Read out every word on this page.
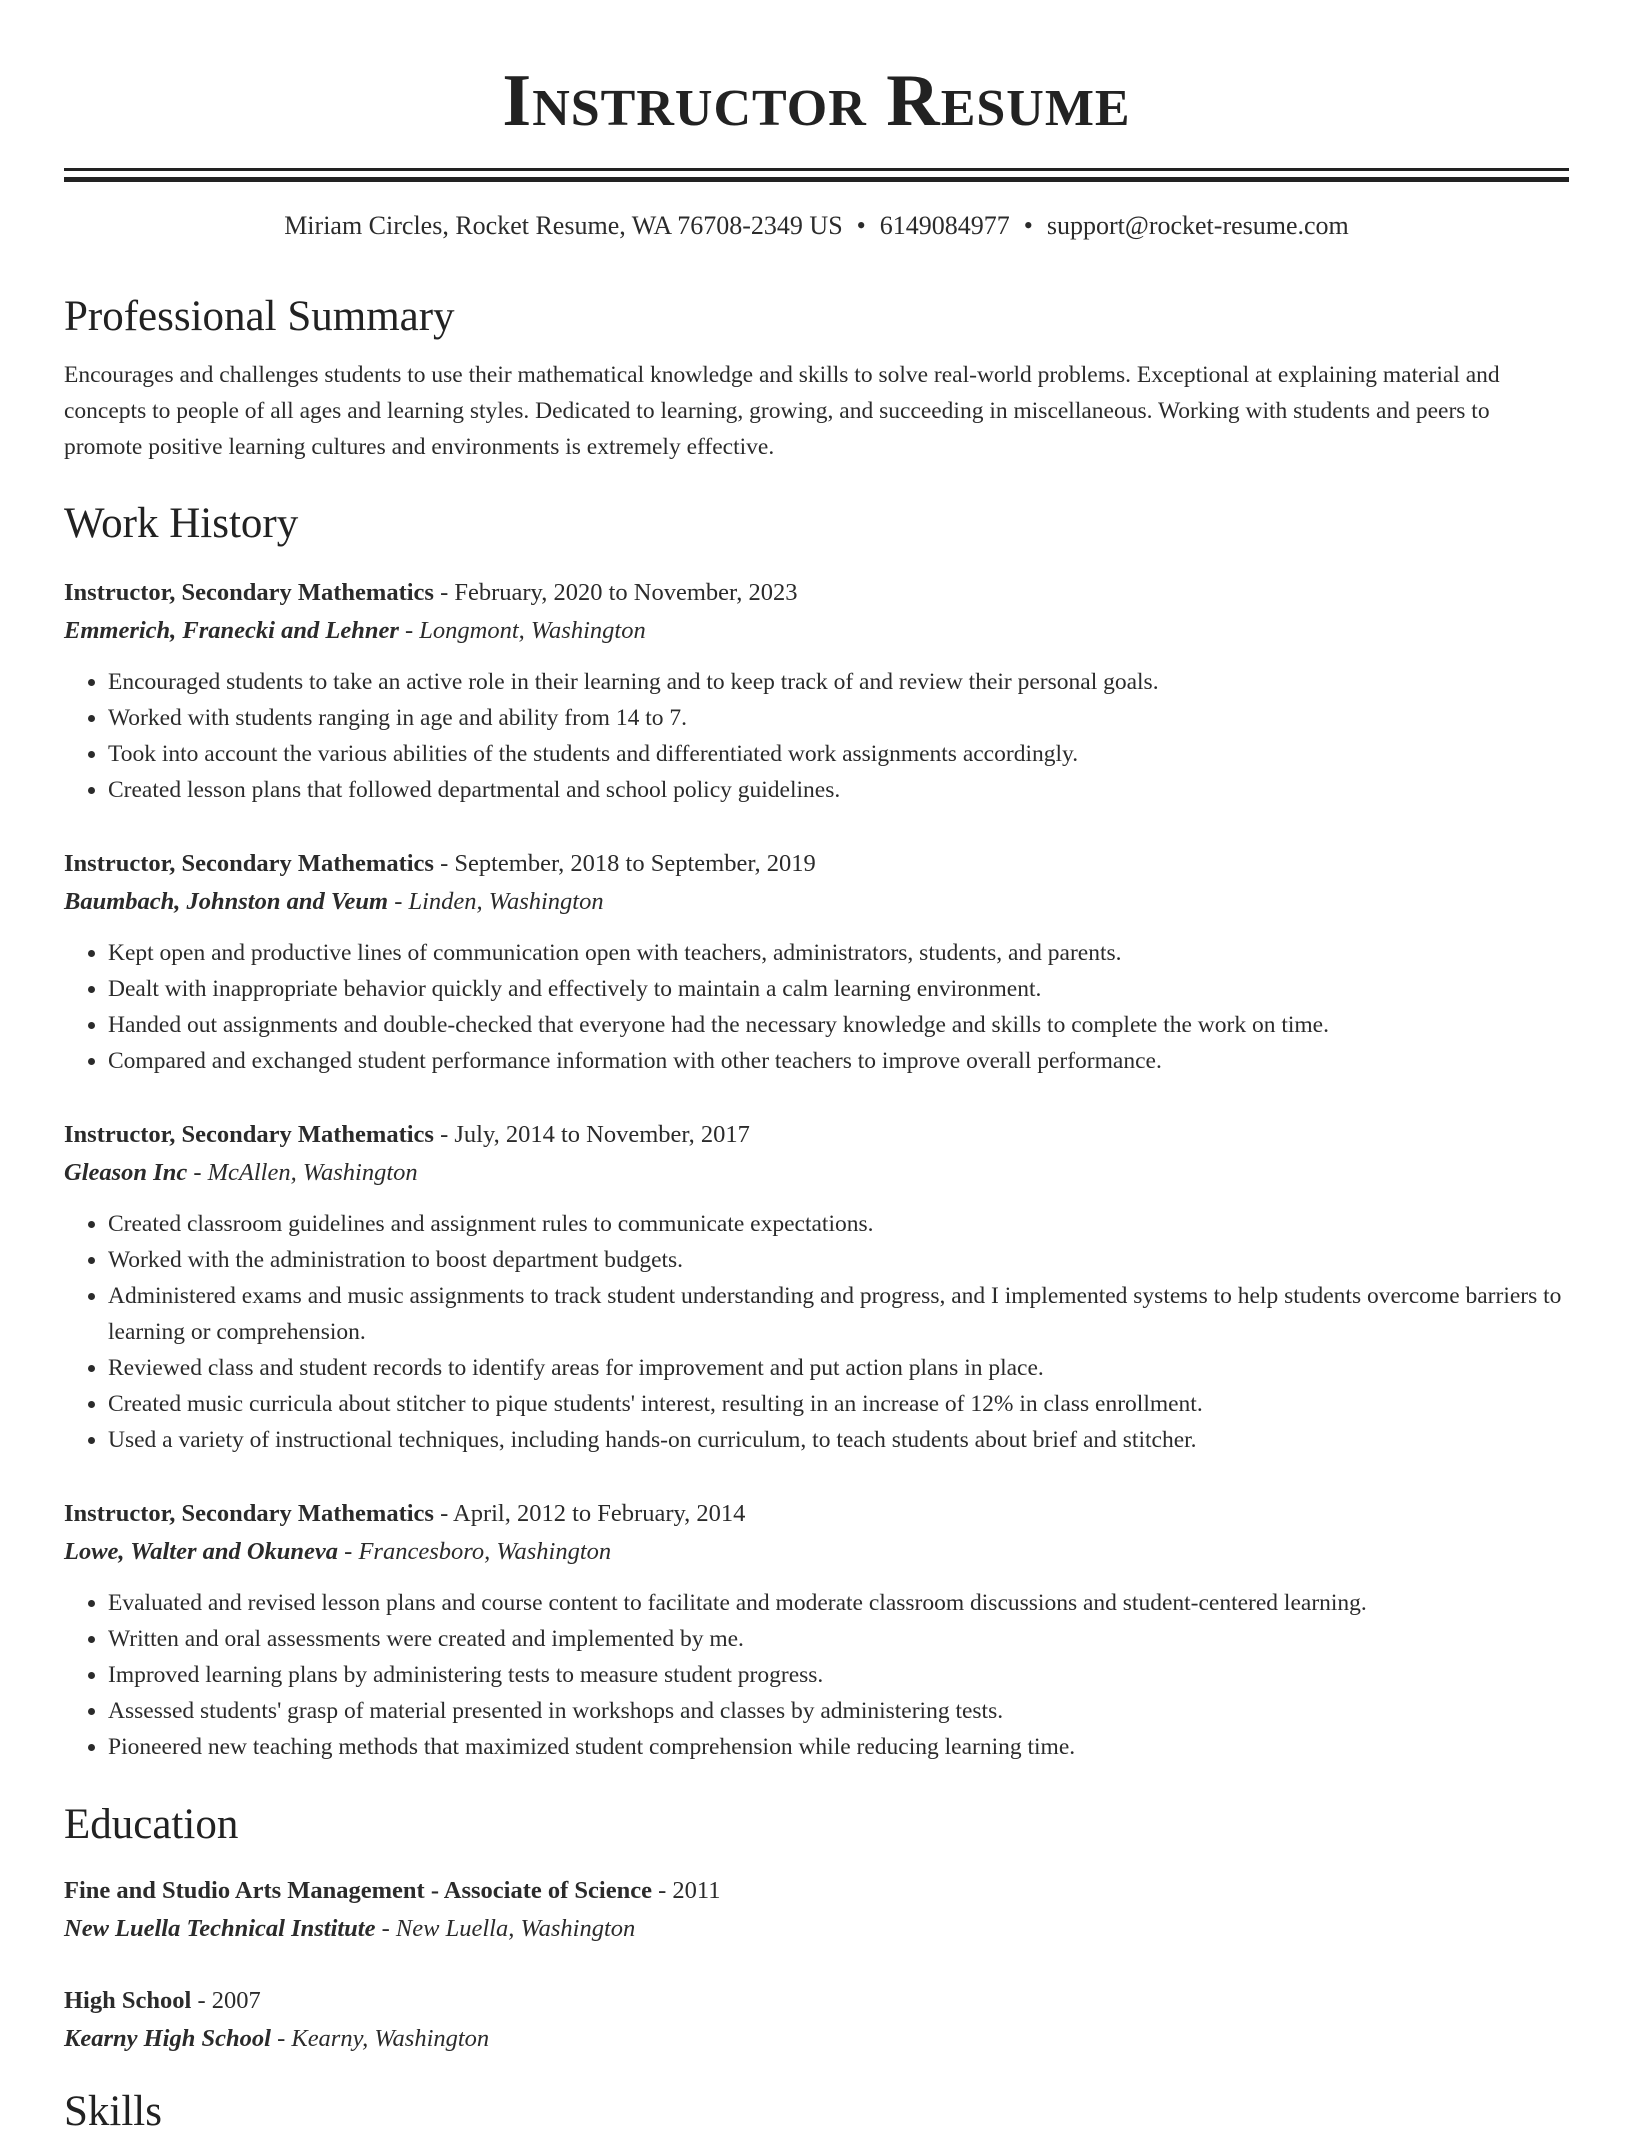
Instructor Resume
Miriam Circles, Rocket Resume, WA 76708-2349 US • 6149084977 • support@rocket-resume.com
Professional Summary

Encourages and challenges students to use their mathematical knowledge and skills to solve real-world problems. Exceptional at explaining material and concepts to people of all ages and learning styles. Dedicated to learning, growing, and succeeding in miscellaneous. Working with students and peers to promote positive learning cultures and environments is extremely effective.

Work History
Instructor, Secondary Mathematics - February, 2020 to November, 2023
Emmerich, Franecki and Lehner - Longmont, Washington
• Encouraged students to take an active role in their learning and to keep track of and review their personal goals.
• Worked with students ranging in age and ability from 14 to 7.
• Took into account the various abilities of the students and differentiated work assignments accordingly.
• Created lesson plans that followed departmental and school policy guidelines.
Instructor, Secondary Mathematics - September, 2018 to September, 2019
Baumbach, Johnston and Veum - Linden, Washington
• Kept open and productive lines of communication open with teachers, administrators, students, and parents.
• Dealt with inappropriate behavior quickly and effectively to maintain a calm learning environment.
• Handed out assignments and double-checked that everyone had the necessary knowledge and skills to complete the work on time.
• Compared and exchanged student performance information with other teachers to improve overall performance.
Instructor, Secondary Mathematics - July, 2014 to November, 2017
Gleason Inc - McAllen, Washington
• Created classroom guidelines and assignment rules to communicate expectations.
• Worked with the administration to boost department budgets.
• Administered exams and music assignments to track student understanding and progress, and I implemented systems to help students overcome barriers to learning or comprehension.
• Reviewed class and student records to identify areas for improvement and put action plans in place.
• Created music curricula about stitcher to pique students' interest, resulting in an increase of 12% in class enrollment.
• Used a variety of instructional techniques, including hands-on curriculum, to teach students about brief and stitcher.
Instructor, Secondary Mathematics - April, 2012 to February, 2014
Lowe, Walter and Okuneva - Francesboro, Washington
• Evaluated and revised lesson plans and course content to facilitate and moderate classroom discussions and student-centered learning.
• Written and oral assessments were created and implemented by me.
• Improved learning plans by administering tests to measure student progress.
• Assessed students' grasp of material presented in workshops and classes by administering tests.
• Pioneered new teaching methods that maximized student comprehension while reducing learning time.
Education
Fine and Studio Arts Management - Associate of Science - 2011
New Luella Technical Institute - New Luella, Washington
High School - 2007
Kearny High School - Kearny, Washington
Skills
